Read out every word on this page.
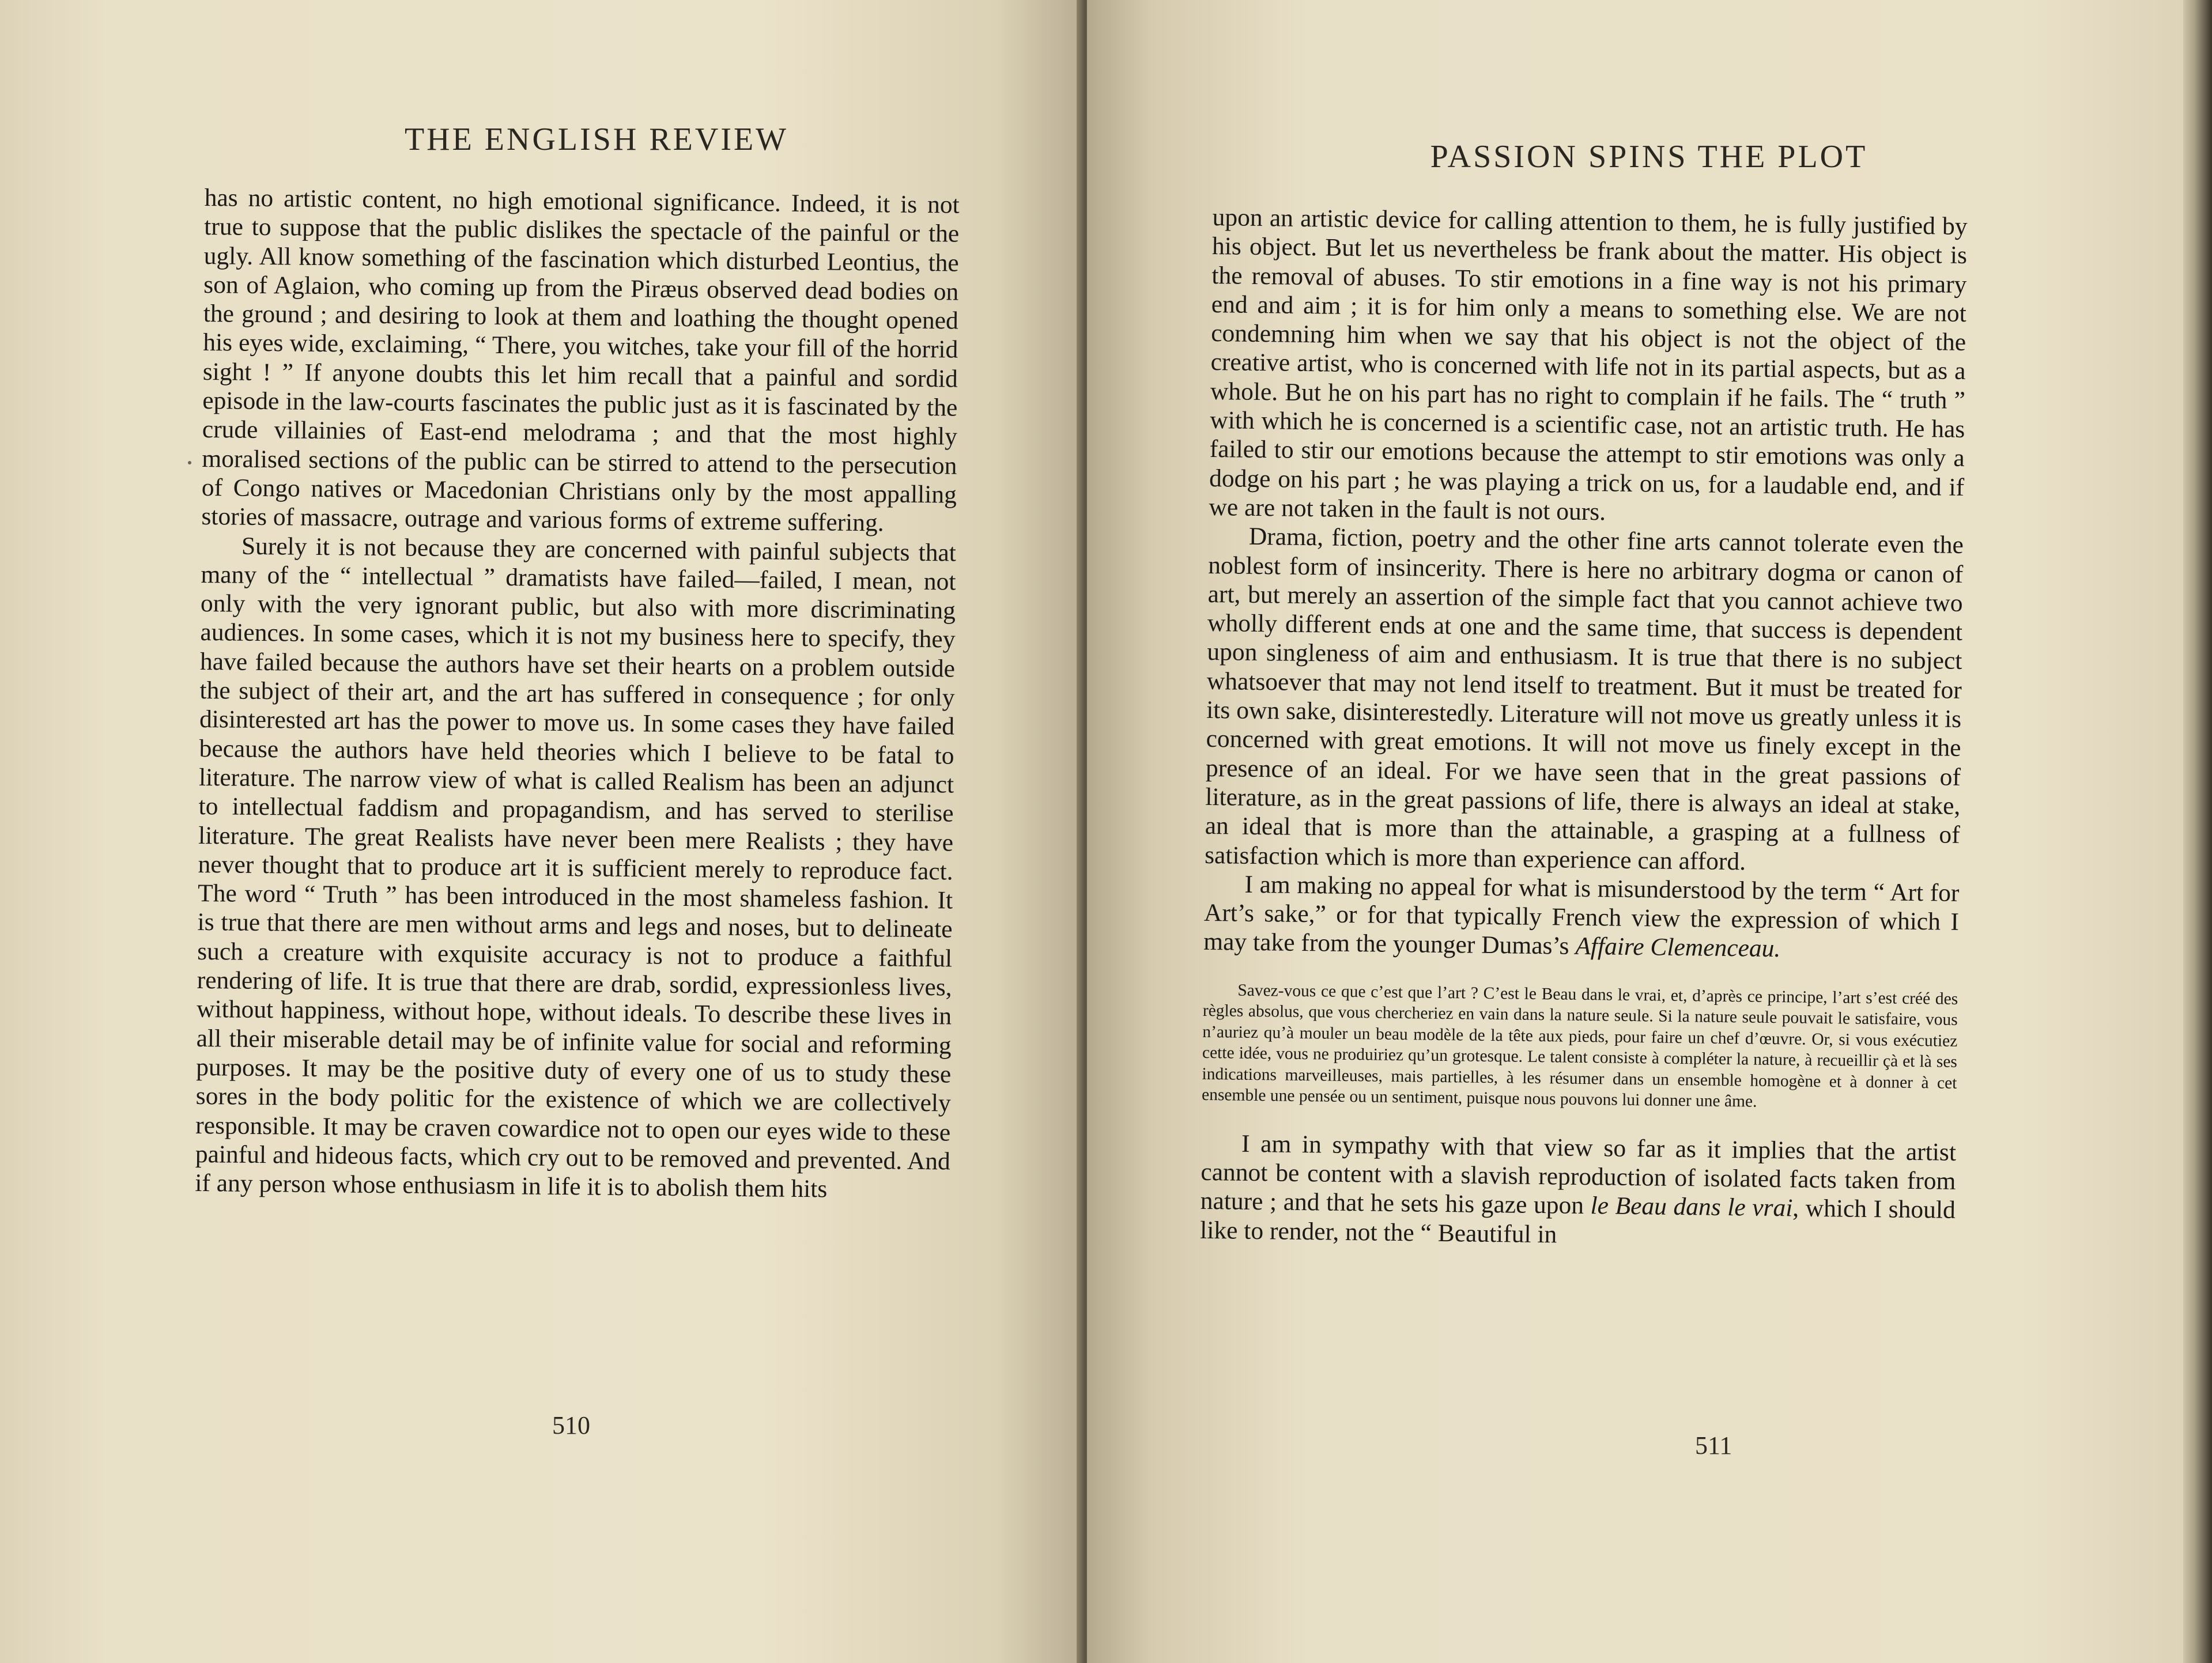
THE ENGLISH REVIEW

has no artistic content, no high emotional significance. Indeed, it is not true to suppose that the public dislikes the spectacle of the painful or the ugly. All know something of the fascination which disturbed Leontius, the son of Aglaion, who coming up from the Piræus observed dead bodies on the ground ; and desiring to look at them and loathing the thought opened his eyes wide, exclaiming, “ There, you witches, take your fill of the horrid sight ! ” If anyone doubts this let him recall that a painful and sordid episode in the law-courts fascinates the public just as it is fascinated by the crude villainies of East-end melodrama ; and that the most highly moralised sections of the public can be stirred to attend to the persecution of Congo natives or Macedonian Christians only by the most appalling stories of massacre, outrage and various forms of extreme suffering.

Surely it is not because they are concerned with painful subjects that many of the “ intellectual ” dramatists have failed—failed, I mean, not only with the very ignorant public, but also with more discriminating audiences. In some cases, which it is not my business here to specify, they have failed because the authors have set their hearts on a problem outside the subject of their art, and the art has suffered in consequence ; for only disinterested art has the power to move us. In some cases they have failed because the authors have held theories which I believe to be fatal to literature. The narrow view of what is called Realism has been an adjunct to intellectual faddism and propagandism, and has served to sterilise literature. The great Realists have never been mere Realists ; they have never thought that to produce art it is sufficient merely to reproduce fact. The word “ Truth ” has been introduced in the most shameless fashion. It is true that there are men without arms and legs and noses, but to delineate such a creature with exquisite accuracy is not to produce a faithful rendering of life. It is true that there are drab, sordid, expressionless lives, without happiness, without hope, without ideals. To describe these lives in all their miserable detail may be of infinite value for social and reforming purposes. It may be the positive duty of every one of us to study these sores in the body politic for the existence of which we are collectively responsible. It may be craven cowardice not to open our eyes wide to these painful and hideous facts, which cry out to be removed and prevented. And if any person whose enthusiasm in life it is to abolish them hits

510
PASSION SPINS THE PLOT

upon an artistic device for calling attention to them, he is fully justified by his object. But let us nevertheless be frank about the matter. His object is the removal of abuses. To stir emotions in a fine way is not his primary end and aim ; it is for him only a means to something else. We are not condemning him when we say that his object is not the object of the creative artist, who is concerned with life not in its partial aspects, but as a whole. But he on his part has no right to complain if he fails. The “ truth ” with which he is concerned is a scientific case, not an artistic truth. He has failed to stir our emotions because the attempt to stir emotions was only a dodge on his part ; he was playing a trick on us, for a laudable end, and if we are not taken in the fault is not ours.

Drama, fiction, poetry and the other fine arts cannot tolerate even the noblest form of insincerity. There is here no arbitrary dogma or canon of art, but merely an assertion of the simple fact that you cannot achieve two wholly different ends at one and the same time, that success is dependent upon singleness of aim and enthusiasm. It is true that there is no subject whatsoever that may not lend itself to treatment. But it must be treated for its own sake, disinterestedly. Literature will not move us greatly unless it is concerned with great emotions. It will not move us finely except in the presence of an ideal. For we have seen that in the great passions of literature, as in the great passions of life, there is always an ideal at stake, an ideal that is more than the attainable, a grasping at a fullness of satisfaction which is more than experience can afford.

I am making no appeal for what is misunderstood by the term “ Art for Art’s sake,” or for that typically French view the expression of which I may take from the younger Dumas’s Affaire Clemenceau.

Savez-vous ce que c’est que l’art ? C’est le Beau dans le vrai, et, d’après ce principe, l’art s’est créé des règles absolus, que vous chercheriez en vain dans la nature seule. Si la nature seule pouvait le satisfaire, vous n’auriez qu’à mouler un beau modèle de la tête aux pieds, pour faire un chef d’œuvre. Or, si vous exécutiez cette idée, vous ne produiriez qu’un grotesque. Le talent consiste à compléter la nature, à recueillir çà et là ses indications marveilleuses, mais partielles, à les résumer dans un ensemble homogène et à donner à cet ensemble une pensée ou un sentiment, puisque nous pouvons lui donner une âme.

I am in sympathy with that view so far as it implies that the artist cannot be content with a slavish reproduction of isolated facts taken from nature ; and that he sets his gaze upon le Beau dans le vrai, which I should like to render, not the “ Beautiful in

511
